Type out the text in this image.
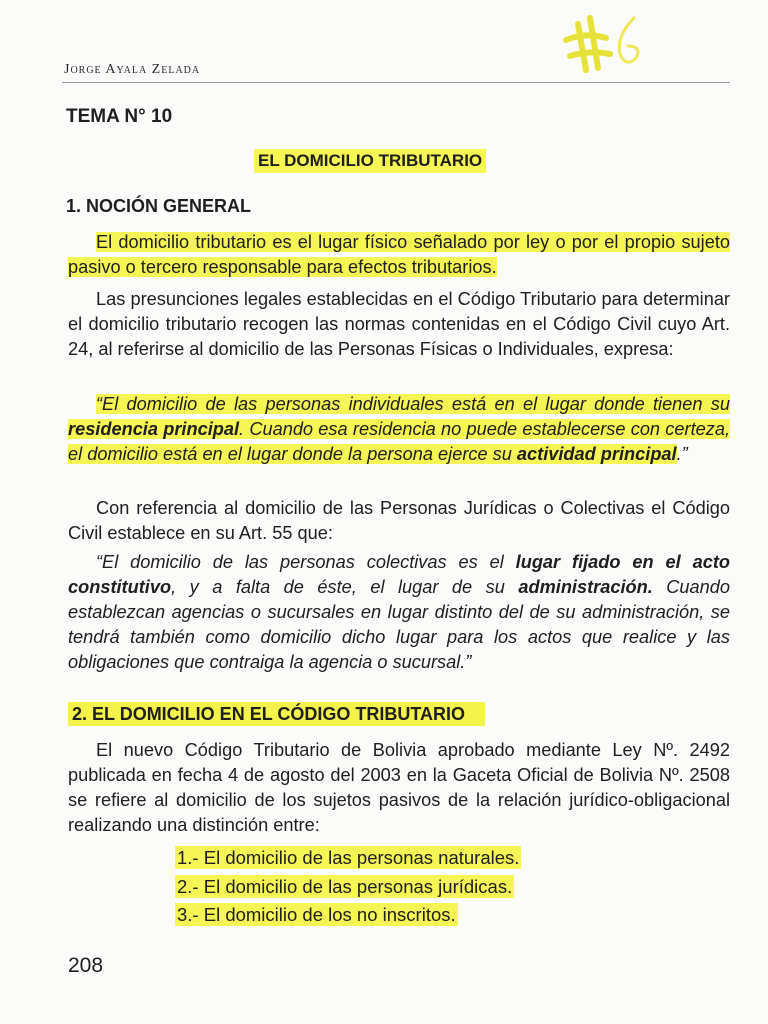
Jorge Ayala Zelada
TEMA N° 10
EL DOMICILIO TRIBUTARIO
1. NOCIÓN GENERAL
El domicilio tributario es el lugar físico señalado por ley o por el propio sujeto pasivo o tercero responsable para efectos tributarios.
Las presunciones legales establecidas en el Código Tributario para determinar el domicilio tributario recogen las normas contenidas en el Código Civil cuyo Art. 24, al referirse al domicilio de las Personas Físicas o Individuales, expresa:
“El domicilio de las personas individuales está en el lugar donde tienen su residencia principal. Cuando esa residencia no puede establecerse con certeza, el domicilio está en el lugar donde la persona ejerce su actividad principal.”
Con referencia al domicilio de las Personas Jurídicas o Colectivas el Código Civil establece en su Art. 55 que:
“El domicilio de las personas colectivas es el lugar fijado en el acto constitutivo, y a falta de éste, el lugar de su administración. Cuando establezcan agencias o sucursales en lugar distinto del de su administración, se tendrá también como domicilio dicho lugar para los actos que realice y las obligaciones que contraiga la agencia o sucursal.”
2. EL DOMICILIO EN EL CÓDIGO TRIBUTARIO
El nuevo Código Tributario de Bolivia aprobado mediante Ley Nº. 2492 publicada en fecha 4 de agosto del 2003 en la Gaceta Oficial de Bolivia Nº. 2508 se refiere al domicilio de los sujetos pasivos de la relación jurídico-obligacional realizando una distinción entre:
1.- El domicilio de las personas naturales.
2.- El domicilio de las personas jurídicas.
3.- El domicilio de los no inscritos.
208
